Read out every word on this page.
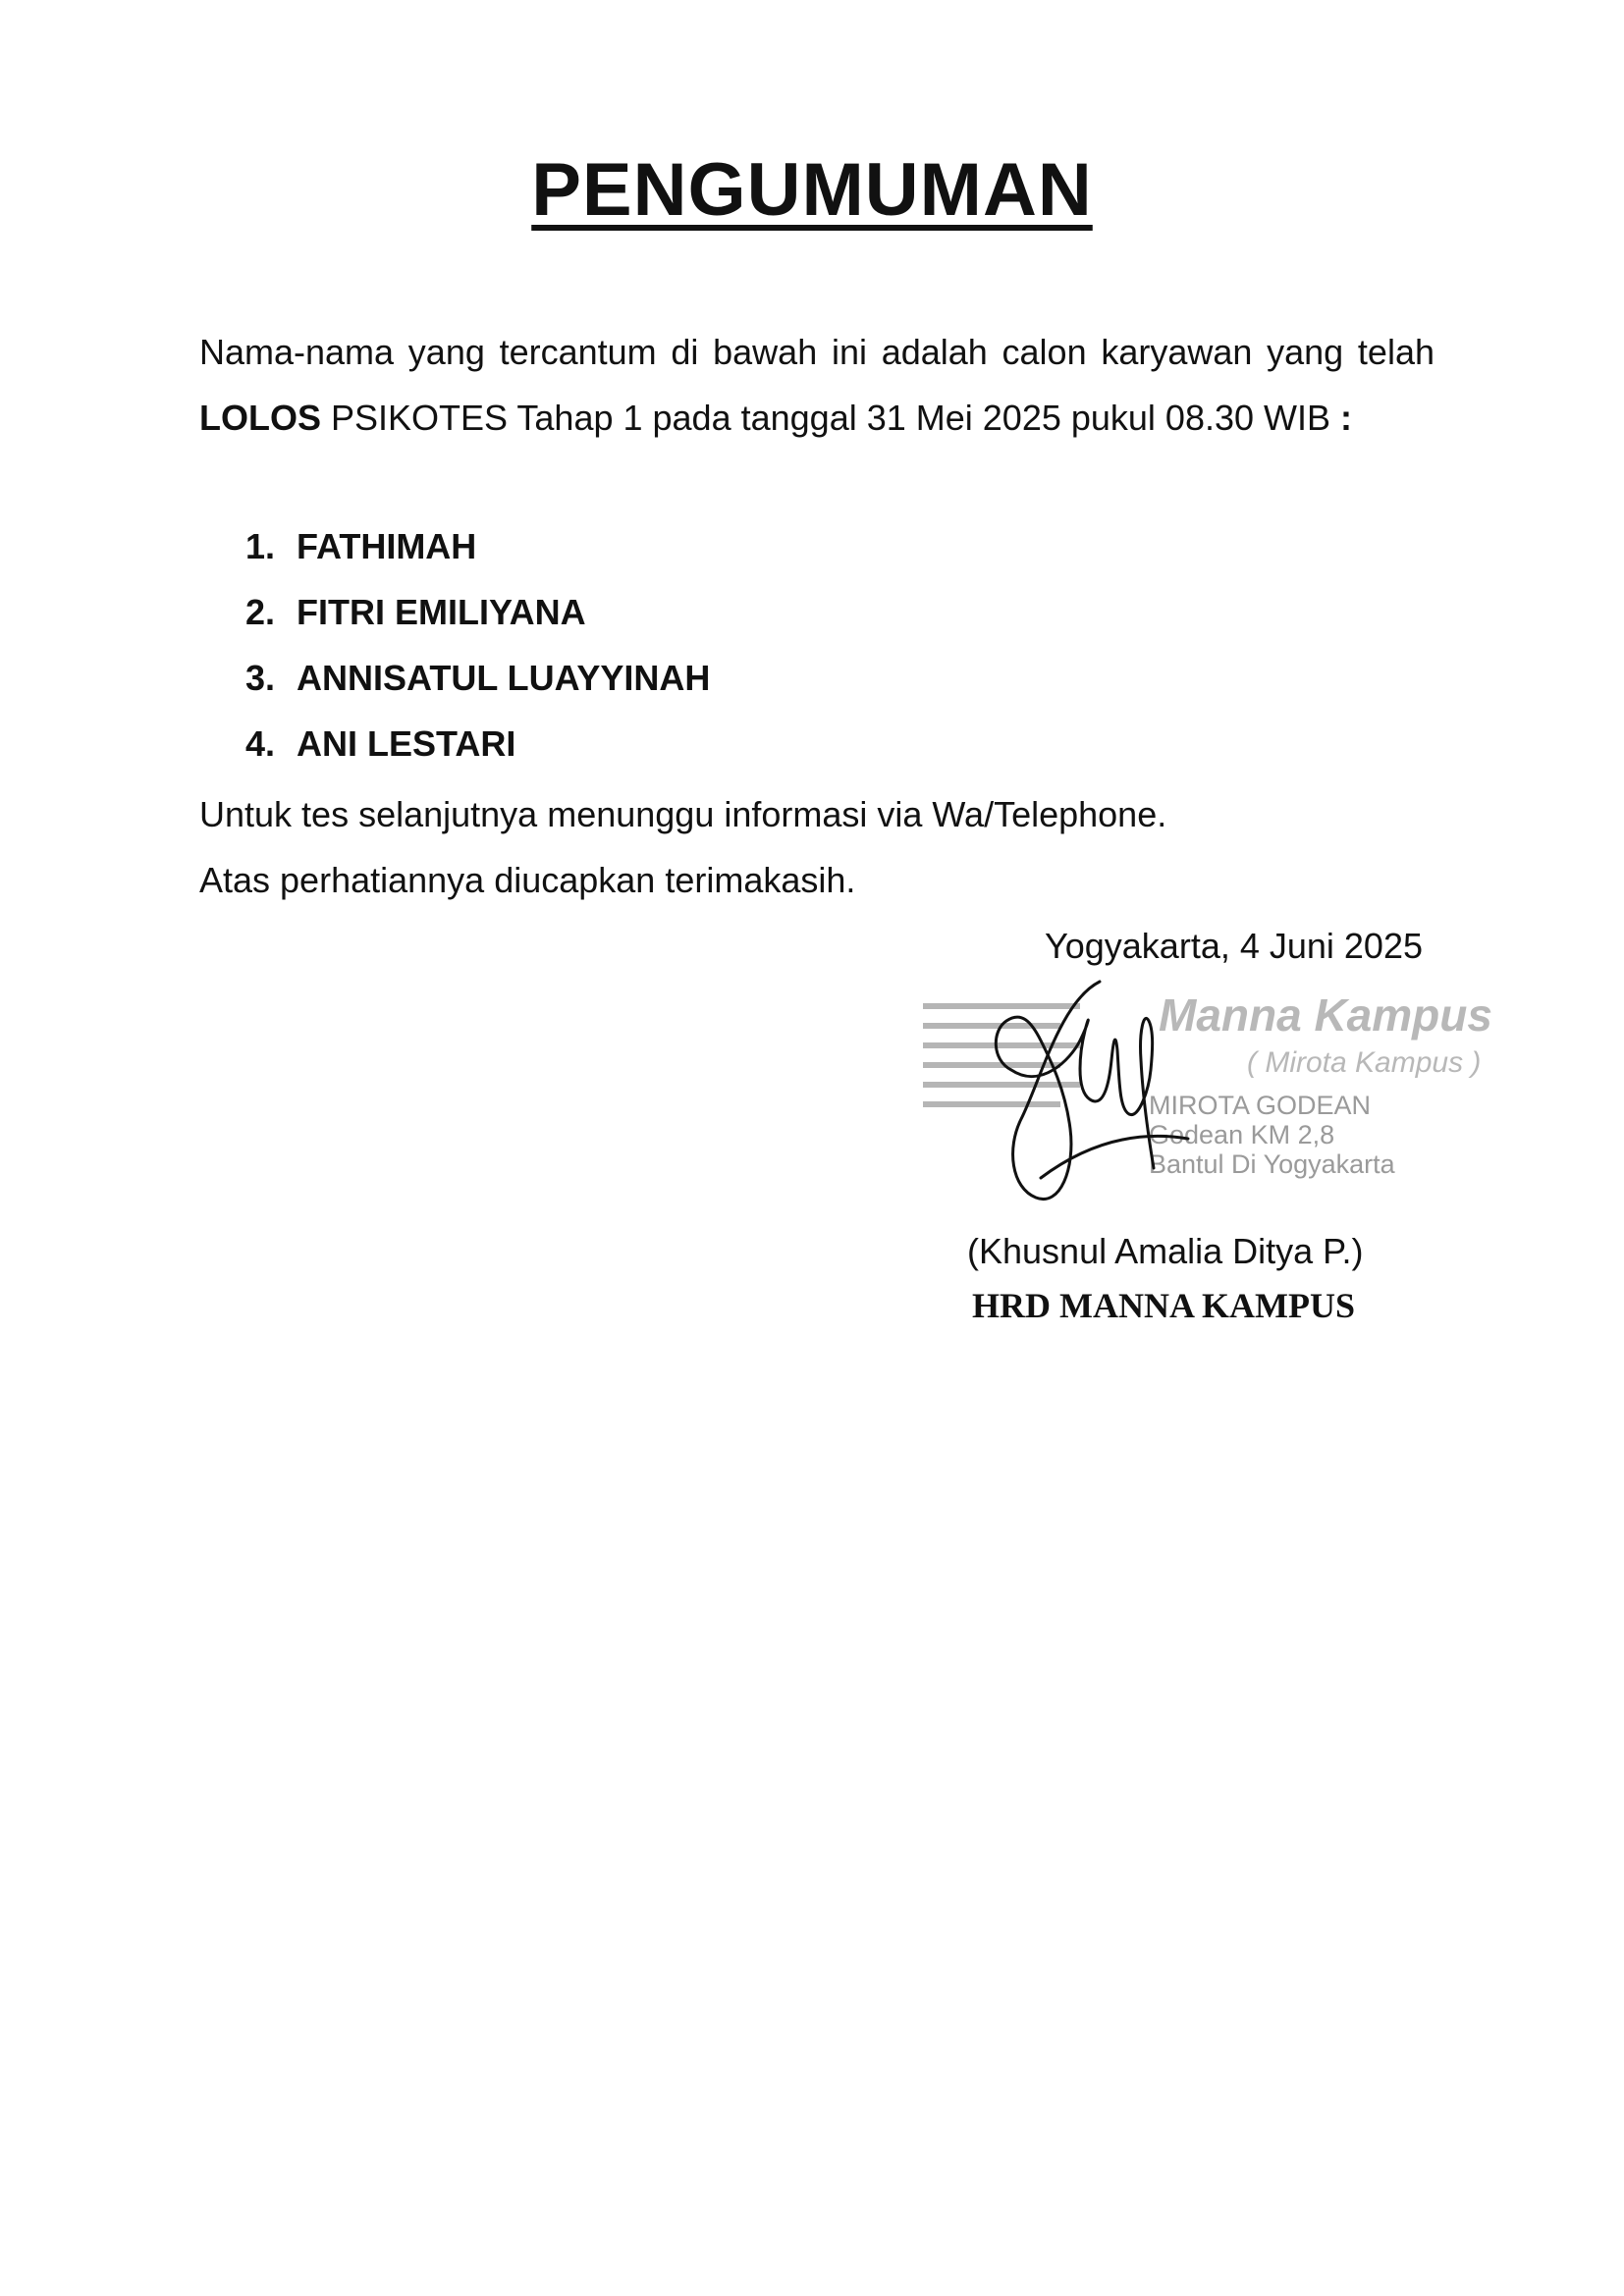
PENGUMUMAN
Nama-nama yang tercantum di bawah ini adalah calon karyawan yang telah LOLOS PSIKOTES Tahap 1 pada tanggal 31 Mei 2025 pukul 08.30 WIB :
1. FATHIMAH
2. FITRI EMILIYANA
3. ANNISATUL LUAYYINAH
4. ANI LESTARI
Untuk tes selanjutnya menunggu informasi via Wa/Telephone.
Atas perhatiannya diucapkan terimakasih.
Yogyakarta, 4 Juni 2025
Manna Kampus
( Mirota Kampus )
MIROTA GODEAN
Godean KM 2,8
Bantul Di Yogyakarta
(Khusnul Amalia Ditya P.)
HRD MANNA KAMPUS
